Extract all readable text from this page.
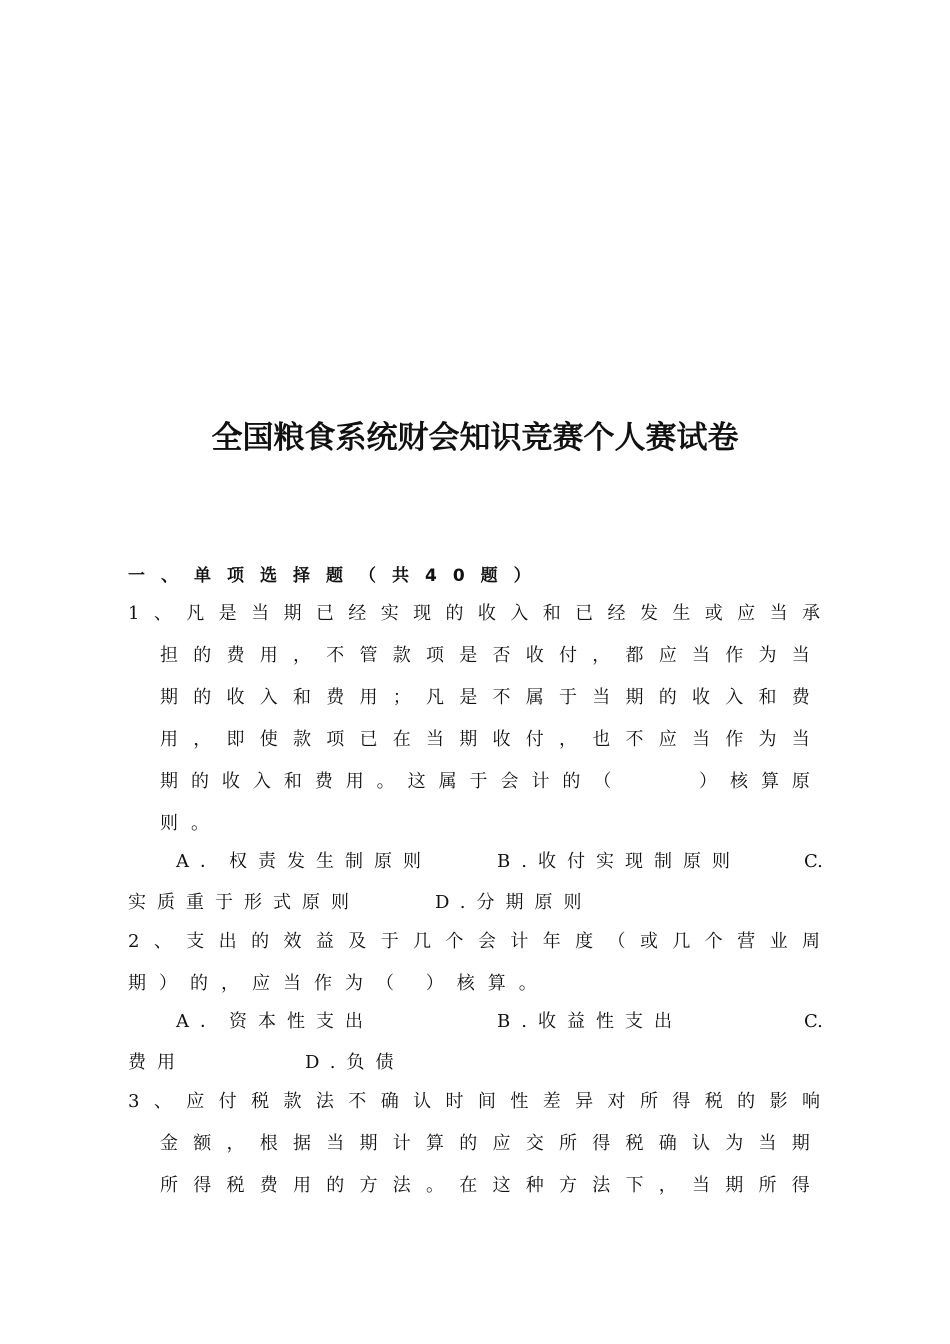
全国粮食系统财会知识竞赛个人赛试卷
一、单项选择题（共40题）
1 、 凡 是 当 期 已 经 实 现 的 收 入 和 已 经 发 生 或 应 当 承
担 的 费 用 ， 不 管 款 项 是 否 收 付 ， 都 应 当 作 为 当
期 的 收 入 和 费 用 ； 凡 是 不 属 于 当 期 的 收 入 和 费
用 ， 即 使 款 项 已 在 当 期 收 付 ， 也 不 应 当 作 为 当
期 的 收 入 和 费 用 。 这 属 于 会 计 的 （

	） 核 算 原
则。
A．权责发生制原则	B.收付实现制原则	C.
实质重于形式原则	D.分期原则
2 、 支 出 的 效 益 及 于 几 个 会 计 年 度 （ 或 几 个 营 业 周
期）的，应当作为（ ）核算。
A．资本性支出	B.收益性支出	C.
费用	D.负债
3 、 应 付 税 款 法 不 确 认 时 间 性 差 异 对 所 得 税 的 影 响
金 额 ， 根 据 当 期 计 算 的 应 交 所 得 税 确 认 为 当 期
所 得 税 费 用 的 方 法 。 在 这 种 方 法 下 ， 当 期 所 得
